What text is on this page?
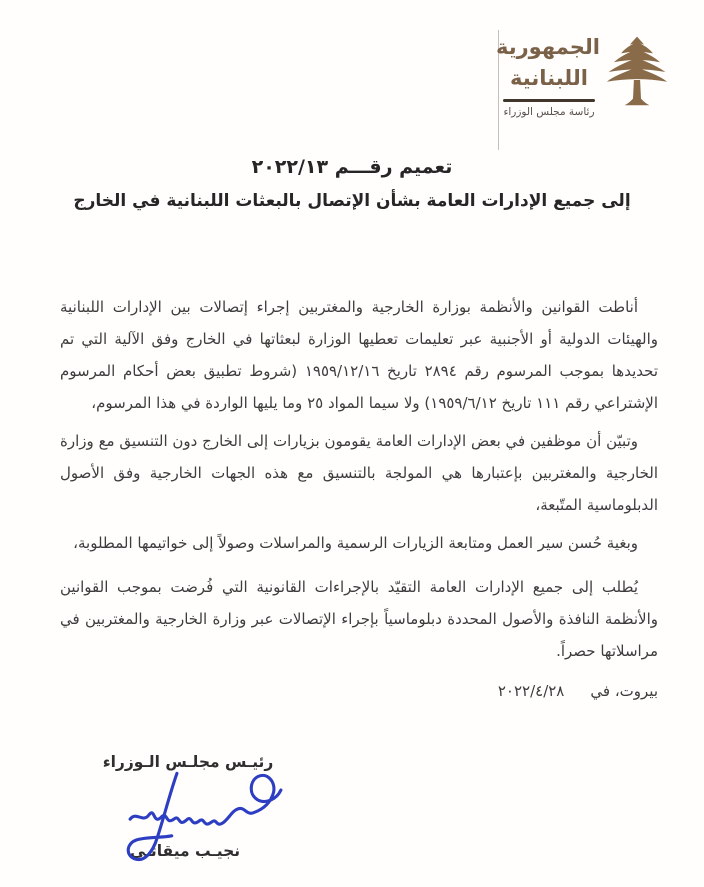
الجمهورية
اللبنانية
رئاسة مجلس الوزراء
تعميم رقـــم ٢٠٢٢/١٣
إلى جميع الإدارات العامة بشأن الإتصال بالبعثات اللبنانية في الخارج

أناطت القوانين والأنظمة بوزارة الخارجية والمغتربين إجراء إتصالات بين الإدارات اللبنانية والهيئات الدولية أو الأجنبية عبر تعليمات تعطيها الوزارة لبعثاتها في الخارج وفق الآلية التي تم تحديدها بموجب المرسوم رقم ٢٨٩٤ تاريخ ١٩٥٩/١٢/١٦ (شروط تطبيق بعض أحكام المرسوم الإشتراعي رقم ١١١ تاريخ ١٩٥٩/٦/١٢) ولا سيما المواد ٢٥ وما يليها الواردة في هذا المرسوم،

وتبيّن أن موظفين في بعض الإدارات العامة يقومون بزيارات إلى الخارج دون التنسيق مع وزارة الخارجية والمغتربين بإعتبارها هي المولجة بالتنسيق مع هذه الجهات الخارجية وفق الأصول الدبلوماسية المتّبعة،

وبغية حُسن سير العمل ومتابعة الزيارات الرسمية والمراسلات وصولاً إلى خواتيمها المطلوبة،

يُطلب إلى جميع الإدارات العامة التقيّد بالإجراءات القانونية التي فُرضت بموجب القوانين والأنظمة النافذة والأصول المحددة دبلوماسياً بإجراء الإتصالات عبر وزارة الخارجية والمغتربين في مراسلاتها حصراً.

بيروت، في
٢٠٢٢/٤/٢٨
رئيـس مجلـس الـوزراء
نجيـب ميقاتـي
